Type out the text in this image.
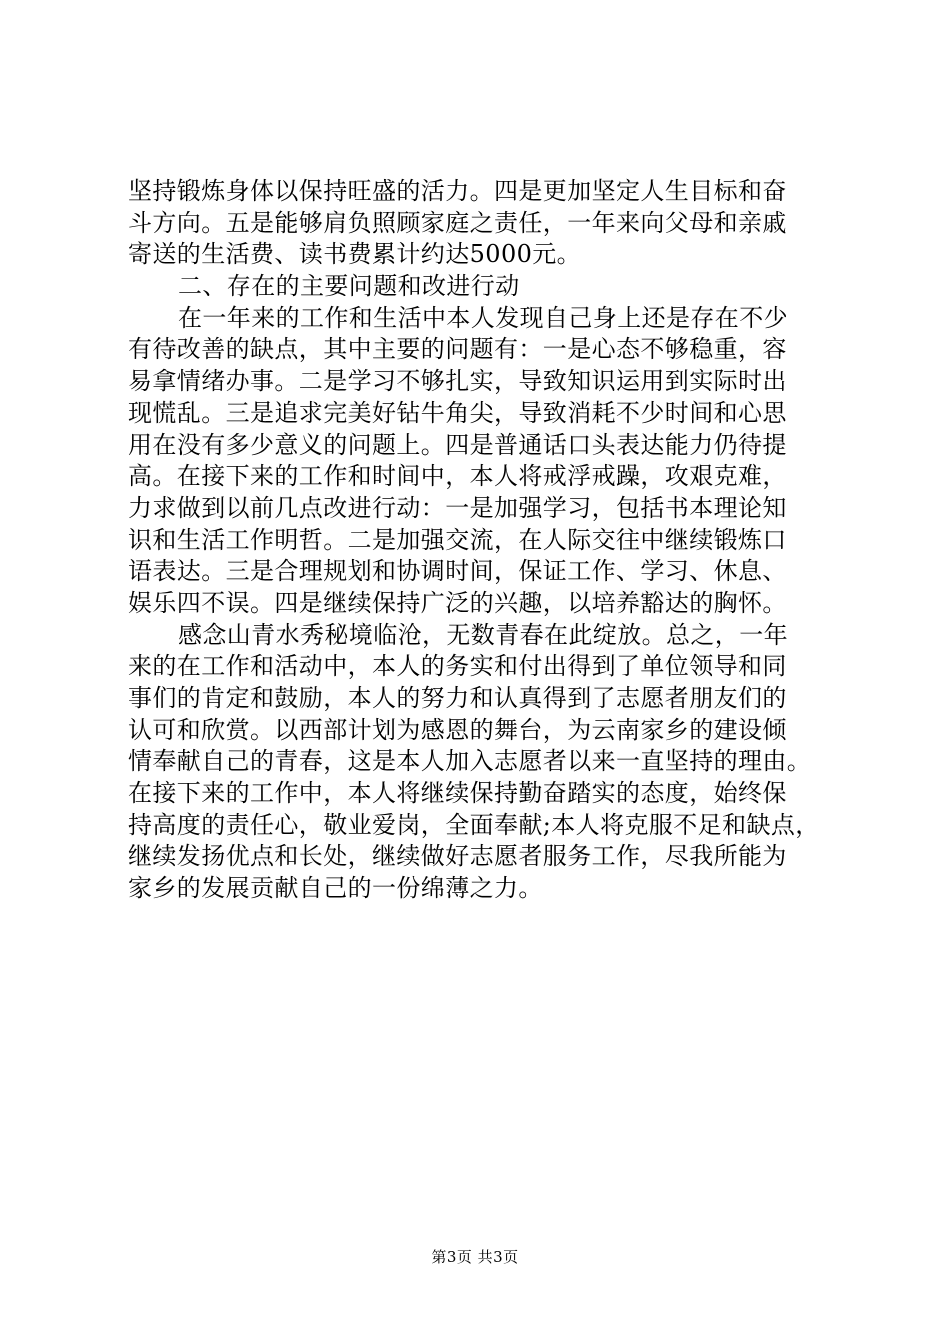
坚持锻炼身体以保持旺盛的活力。四是更加坚定人生目标和奋
斗方向。五是能够肩负照顾家庭之责任，一年来向父母和亲戚
寄送的生活费、读书费累计约达5000元。
二、存在的主要问题和改进行动
在一年来的工作和生活中本人发现自己身上还是存在不少
有待改善的缺点，其中主要的问题有：一是心态不够稳重，容
易拿情绪办事。二是学习不够扎实，导致知识运用到实际时出
现慌乱。三是追求完美好钻牛角尖，导致消耗不少时间和心思
用在没有多少意义的问题上。四是普通话口头表达能力仍待提
高。在接下来的工作和时间中，本人将戒浮戒躁，攻艰克难，
力求做到以前几点改进行动：一是加强学习，包括书本理论知
识和生活工作明哲。二是加强交流，在人际交往中继续锻炼口
语表达。三是合理规划和协调时间，保证工作、学习、休息、
娱乐四不误。四是继续保持广泛的兴趣，以培养豁达的胸怀。
感念山青水秀秘境临沧，无数青春在此绽放。总之，一年
来的在工作和活动中，本人的务实和付出得到了单位领导和同
事们的肯定和鼓励，本人的努力和认真得到了志愿者朋友们的
认可和欣赏。以西部计划为感恩的舞台，为云南家乡的建设倾
情奉献自己的青春，这是本人加入志愿者以来一直坚持的理由。
在接下来的工作中，本人将继续保持勤奋踏实的态度，始终保
持高度的责任心，敬业爱岗，全面奉献;本人将克服不足和缺点，
继续发扬优点和长处，继续做好志愿者服务工作，尽我所能为
家乡的发展贡献自己的一份绵薄之力。
第3页 共3页
